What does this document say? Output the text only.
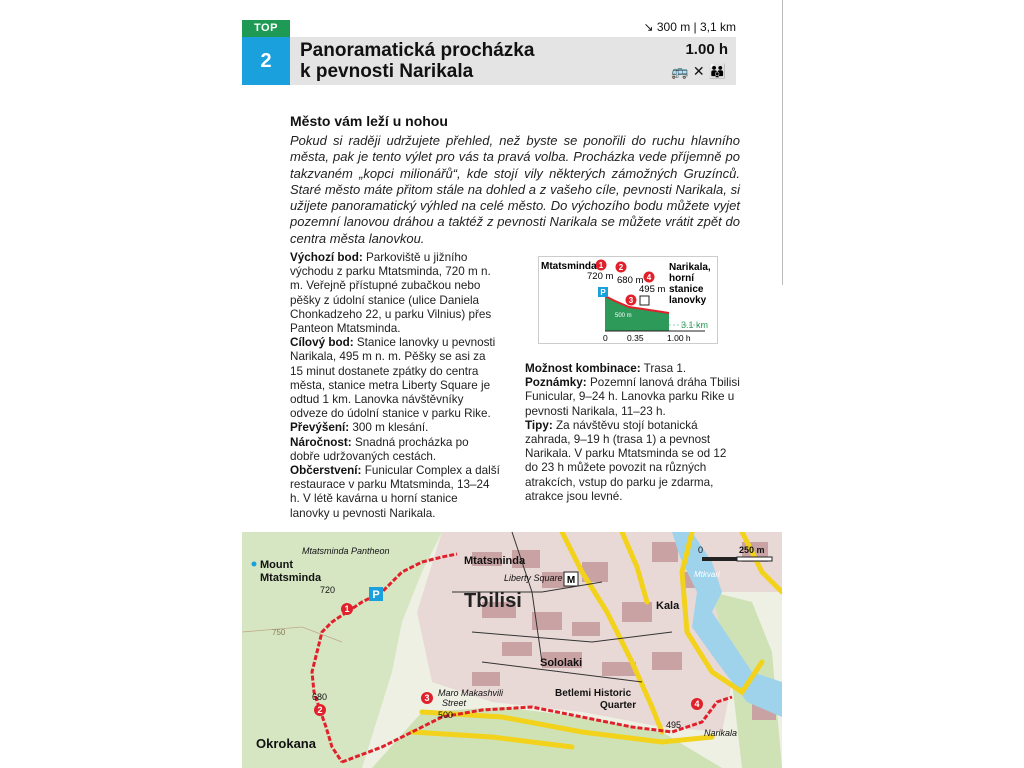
TOP
2
↘ 300 m | 3,1 km
Panoramatická procházka
k pevnosti Narikala
1.00 h
🚌✕👪
Město vám leží u nohou
Pokud si raději udržujete přehled, než byste se ponořili do ruchu hlavního města, pak je tento výlet pro vás ta pravá volba. Procházka vede příjemně po takzvaném „kopci milionářů“, kde stojí vily některých zámožných Gruzínců. Staré město máte přitom stále na dohled a z vašeho cíle, pevnosti Narikala, si užijete panoramatický výhled na celé město. Do výchozího bodu můžete vyjet pozemní lanovou dráhou a taktéž z pevnosti Narikala se můžete vrátit zpět do centra města lanovkou.

Výchozí bod: Parkoviště u jižního východu z parku Mtatsminda, 720 m n. m. Veřejně přístupné zubačkou nebo pěšky z údolní stanice (ulice Daniela Chonkadzeho 22, u parku Vilnius) přes Panteon Mtatsminda.

Cílový bod: Stanice lanovky u pevnosti Narikala, 495 m n. m. Pěšky se asi za 15 minut dostanete zpátky do centra města, stanice metra Liberty Square je odtud 1 km. Lanovka návštěvníky odveze do údolní stanice v parku Rike.

Převýšení: 300 m klesání.

Náročnost: Snadná procházka po dobře udržovaných cestách.

Občerstvení: Funicular Complex a další restaurace v parku Mtatsminda, 13–24 h. V létě kavárna u horní stanice lanovky u pevnosti Narikala.

1 2
3
4
P
Mtatsminda
720 m 680 m
495 m
Narikala,
horní
stanice
lanovky
500 m
3.1 km
0 0.35	1.00 h

Možnost kombinace: Trasa 1.

Poznámky: Pozemní lanová dráha Tbilisi Funicular, 9–24 h. Lanovka parku Rike u pevnosti Narikala, 11–23 h.

Tipy: Za návštěvu stojí botanická zahrada, 9–19 h (trasa 1) a pevnost Narikala. V parku Mtatsminda se od 12 do 23 h můžete povozit na různých atrakcích, vstup do parku je zdarma, atrakce jsou levné.

1
2
3
4
P
M
Tbilisi
Mount
Mtatsminda
720
Mtatsminda Pantheon
Mtatsminda
Liberty Square
Kala
Sololaki
Betlemi Historic
Quarter
Maro Makashvili
Street
680
500
495
750
Okrokana
Narikala
Mtkvari
0	250 m
